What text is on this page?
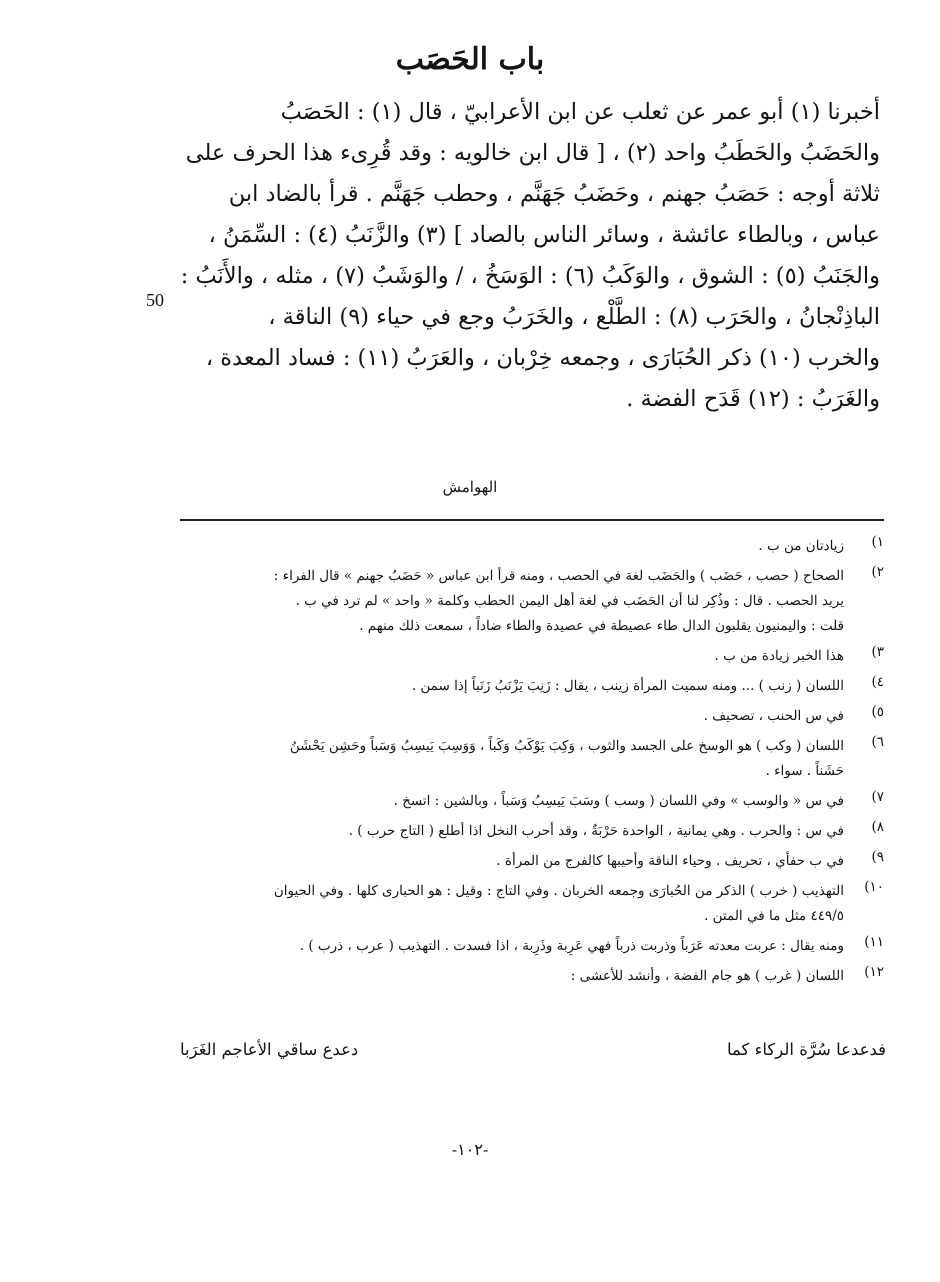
باب الحَصَب
أخبرنا (١) أبو عمر عن ثعلب عن ابن الأعرابيّ ، قال (١) : الحَصَبُ
والحَضَبُ والحَطَبُ واحد (٢) ، [ قال ابن خالويه : وقد قُرِىء هذا الحرف على
ثلاثة أوجه : حَصَبُ جهنم ، وحَضَبُ جَهَنَّم ، وحطب جَهَنَّم . قرأ بالضاد ابن
عباس ، وبالطاء عائشة ، وسائر الناس بالصاد ] (٣) والزَّنَبُ (٤) : السِّمَنُ ،
والجَنَبُ (٥) : الشوق ، والوَكَبُ (٦) : الوَسَخُ ، / والوَشَبُ (٧) ، مثله ، والأَنَبُ :
الباذِنْجانُ ، والحَرَب (٨) : الطَّلْع ، والخَرَبُ وجع في حياء (٩) الناقة ،
والخرب (١٠) ذكر الحُبَارَى ، وجمعه خِرْبان ، والعَرَبُ (١١) : فساد المعدة ،
والغَرَبُ : (١٢) قَدَح الفضة .
50
الهوامش
١)
زيادتان من ب .
٢)
الصحاح ( حصب ، حَضَب ) والحَضَب لغة في الحصب ، ومنه قرأ ابن عباس « حَضَبُ جهنم » قال الفراء :
يريد الحصب . قال : وذُكِر لنا أن الحَضَب في لغة أهل اليمن الحطب وكلمة « واحد » لم ترد في ب .
قلت : واليمنيون يقلبون الدال طاء عصيطة في عصيدة والطاء ضاداً ، سمعت ذلك منهم .
٣)
هذا الخبر زيادة من ب .
٤)
اللسان ( زنب ) ... ومنه سميت المرأة زينب ، يقال : زَنِبَ يَزْنَبُ زَنَباً إذا سمن .
٥)
في س الحنب ، تصحيف .
٦)
اللسان ( وكب ) هو الوسخ على الجسد والثوب ، وَكِبَ يَوْكَبُ وَكَباً ، وَوَسِبَ يَيسِبُ وَسَباً وحَشِن يَحْشَنُ
حَشَناً . سواء .
٧)
في س « والوسب » وفي اللسان ( وسب ) وسَبَ يَيسِبُ وَسَباً ، وبالشين : اتسخ .
٨)
في س : والحرب . وهي يمانية ، الواحدة حَرْبَةٌ ، وقد أحرب النخل اذا أطلع ( التاج حرب ) .
٩)
في ب حفأي ، تحريف . وحياء الناقة وأحيبها كالفرج من المرأة .
١٠)
التهذيب ( خرب ) الذكر من الحُبارَى وجمعه الخربان . وفي التاج : وقيل : هو الحبارى كلها . وفي الحيوان
٤٤٩/٥ مثل ما في المتن .
١١)
ومنه يقال : عربت معدته عَرَباً وذربت ذرباً فهي عَرِبة وذَرِبة ، اذا فسدت . التهذيب ( عرب ، ذرب ) .
١٢)
اللسان ( غرب ) هو جام الفضة ، وأنشد للأعشى :
فدعدعا سُرَّة الركاء كما
دعدع ساقي الأعاجم الغَرَبا
-١٠٢-
